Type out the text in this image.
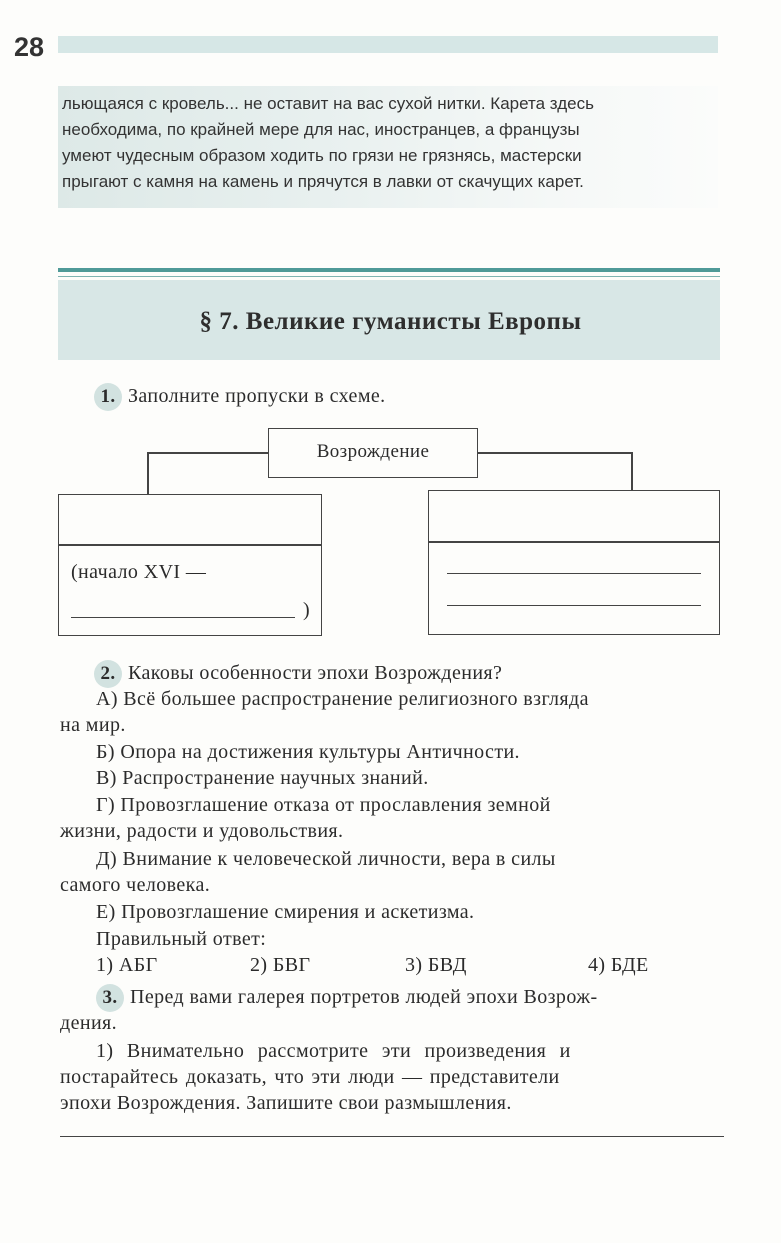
28
льющаяся с кровель... не оставит на вас сухой нитки. Карета здесь
необходима, по крайней мере для нас, иностранцев, а французы
умеют чудесным образом ходить по грязи не грязнясь, мастерски
прыгают с камня на камень и прячутся в лавки от скачущих карет.
§ 7. Великие гуманисты Европы
1. Заполните пропуски в схеме.
Возрождение
(начало XVI —
)
2. Каковы особенности эпохи Возрождения?
А) Всё большее распространение религиозного взгляда
на мир.
Б) Опора на достижения культуры Античности.
В) Распространение научных знаний.
Г) Провозглашение отказа от прославления земной
жизни, радости и удовольствия.
Д) Внимание к человеческой личности, вера в силы
самого человека.
Е) Провозглашение смирения и аскетизма.
Правильный ответ:
1) АБГ	2) БВГ	3) БВД	4) БДЕ
3. Перед вами галерея портретов людей эпохи Возрож-
дения.
1) Внимательно рассмотрите эти произведения и
постарайтесь доказать, что эти люди — представители
эпохи Возрождения. Запишите свои размышления.
